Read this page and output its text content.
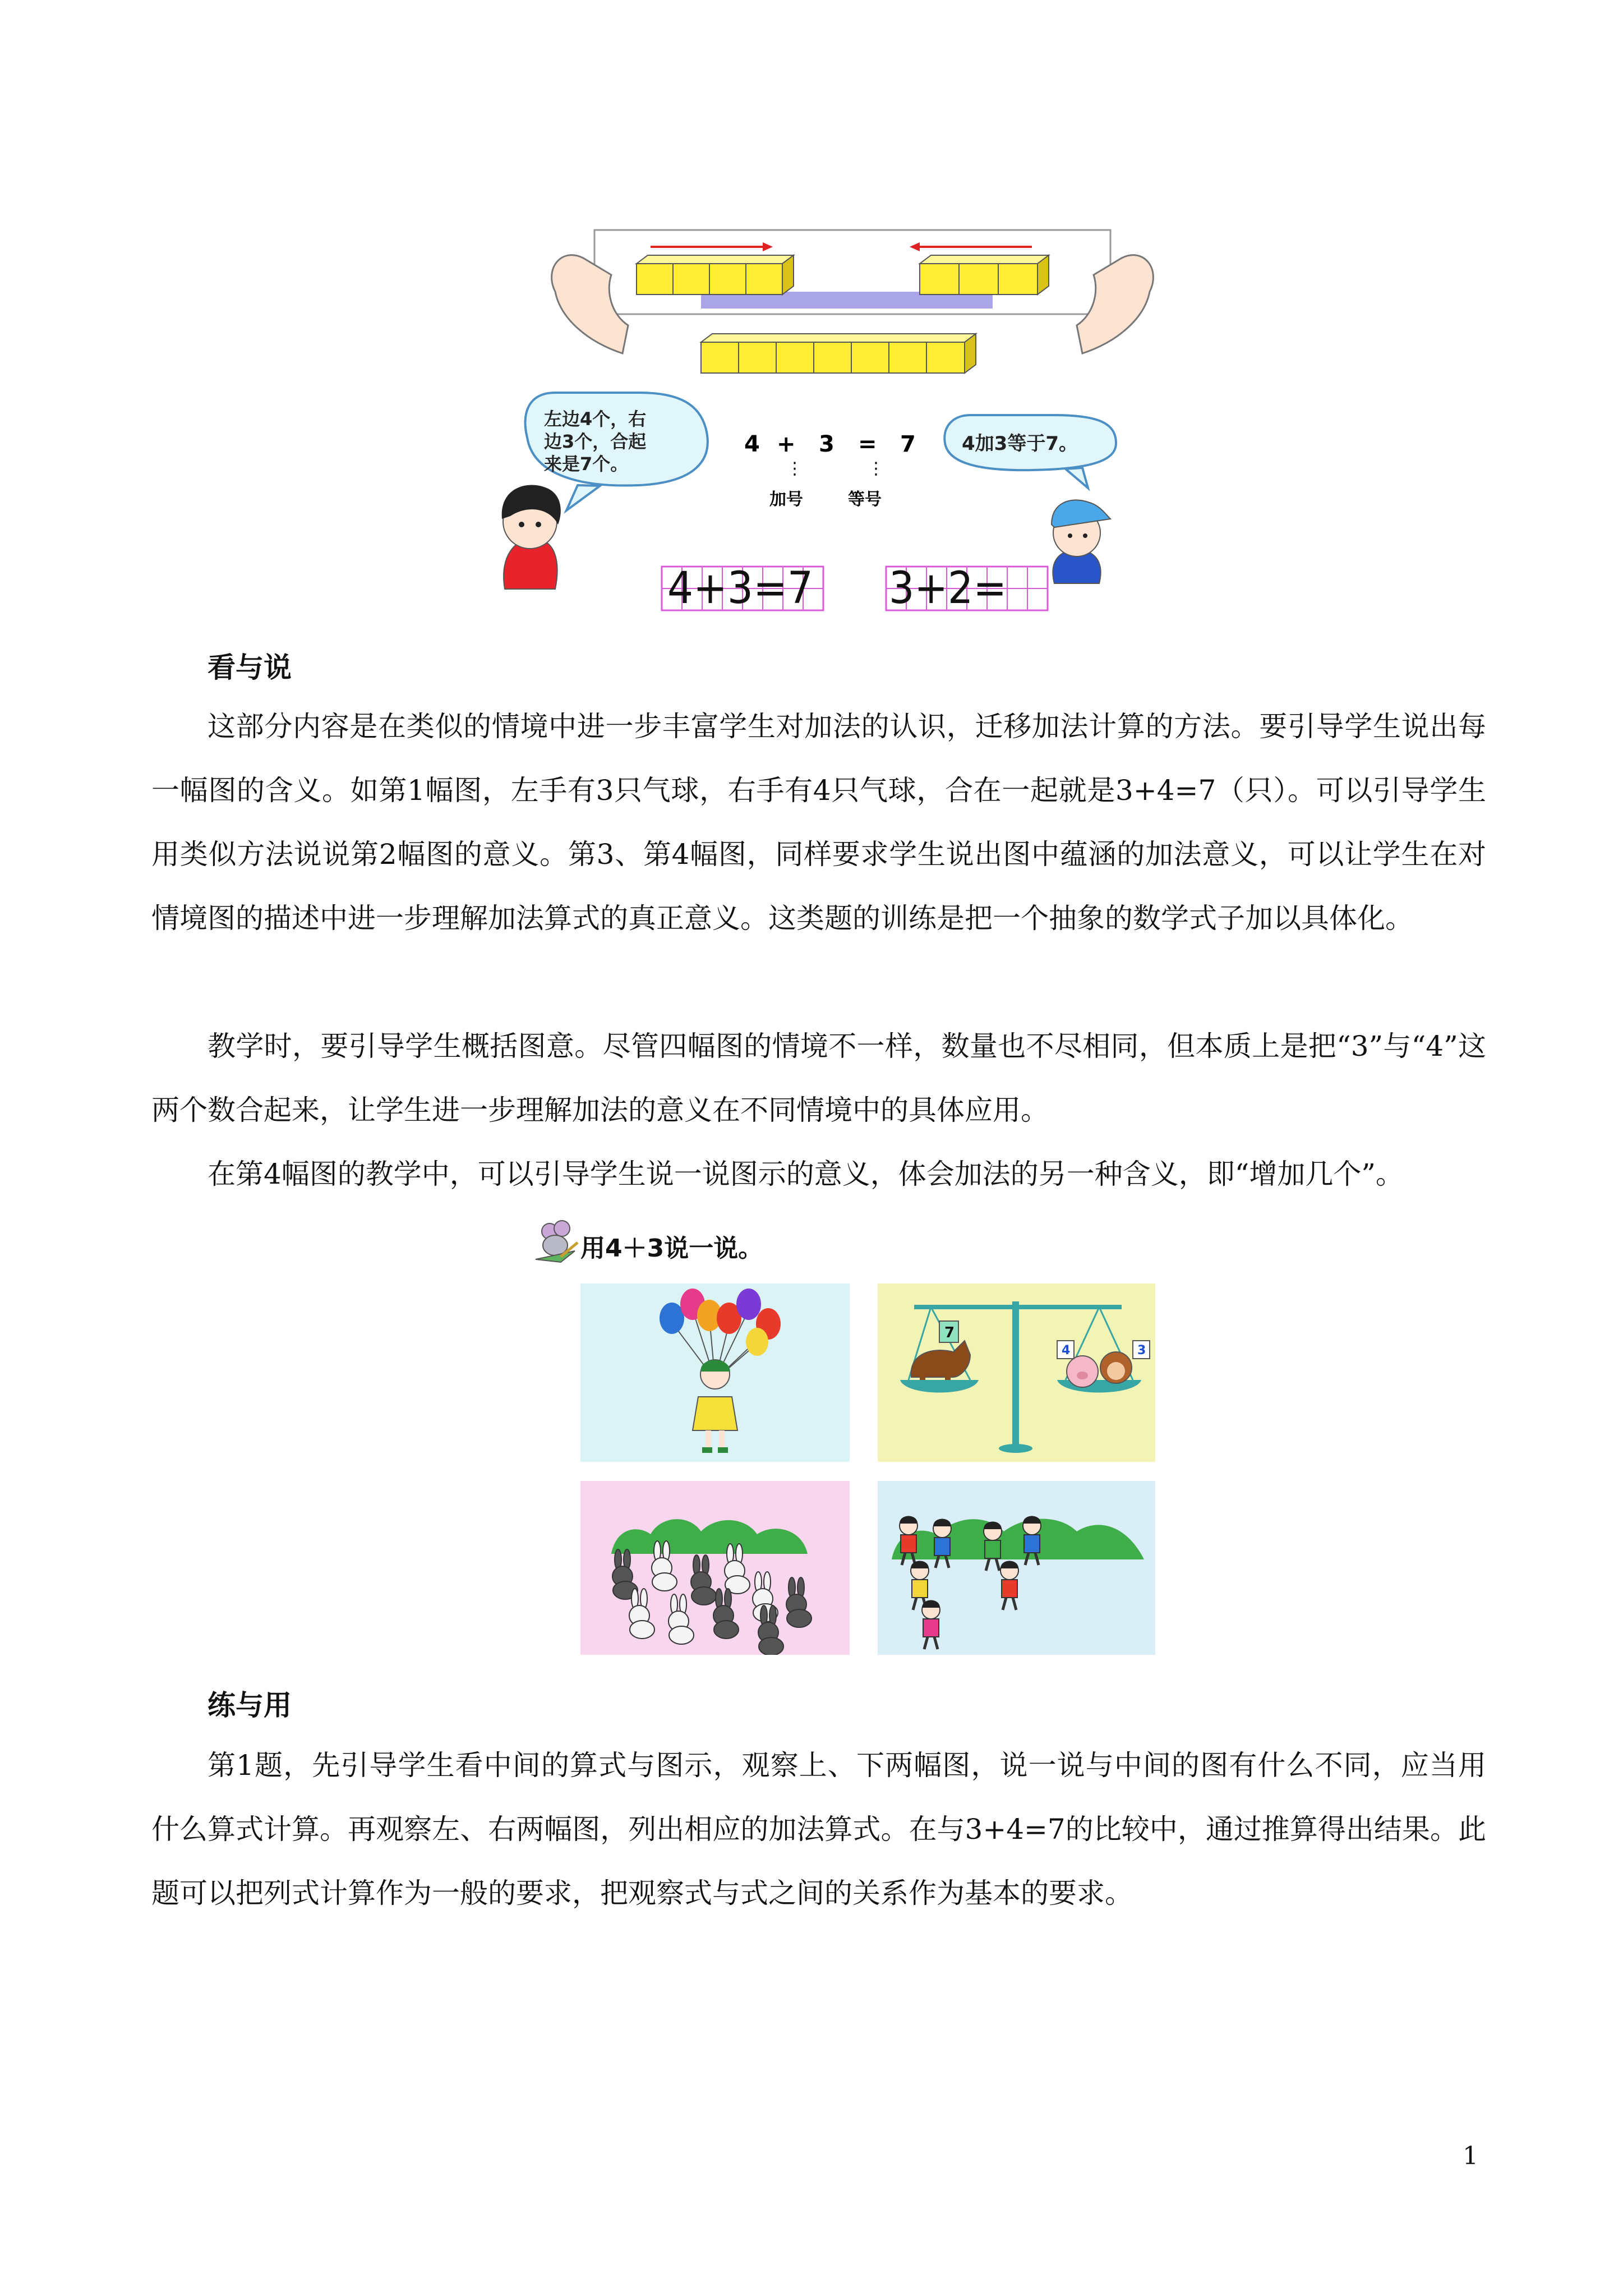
左边4个，右
边3个，合起
来是7个。
4 + 3 = 7
⋮	⋮
加号	等号
4加3等于7。
4+3=7 3+2=
看与说
这部分内容是在类似的情境中进一步丰富学生对加法的认识，迁移加法计算的方法。要引导学生说出每一幅图的含义。如第1幅图，左手有3只气球，右手有4只气球，合在一起就是3+4=7（只）。可以引导学生用类似方法说说第2幅图的意义。第3、第4幅图，同样要求学生说出图中蕴涵的加法意义，可以让学生在对情境图的描述中进一步理解加法算式的真正意义。这类题的训练是把一个抽象的数学式子加以具体化。
教学时，要引导学生概括图意。尽管四幅图的情境不一样，数量也不尽相同，但本质上是把“3”与“4”这两个数合起来，让学生进一步理解加法的意义在不同情境中的具体应用。
在第4幅图的教学中，可以引导学生说一说图示的意义，体会加法的另一种含义，即“增加几个”。
用4＋3说一说。
7
4	3
练与用
第1题，先引导学生看中间的算式与图示，观察上、下两幅图，说一说与中间的图有什么不同，应当用什么算式计算。再观察左、右两幅图，列出相应的加法算式。在与3+4=7的比较中，通过推算得出结果。此题可以把列式计算作为一般的要求，把观察式与式之间的关系作为基本的要求。
1
